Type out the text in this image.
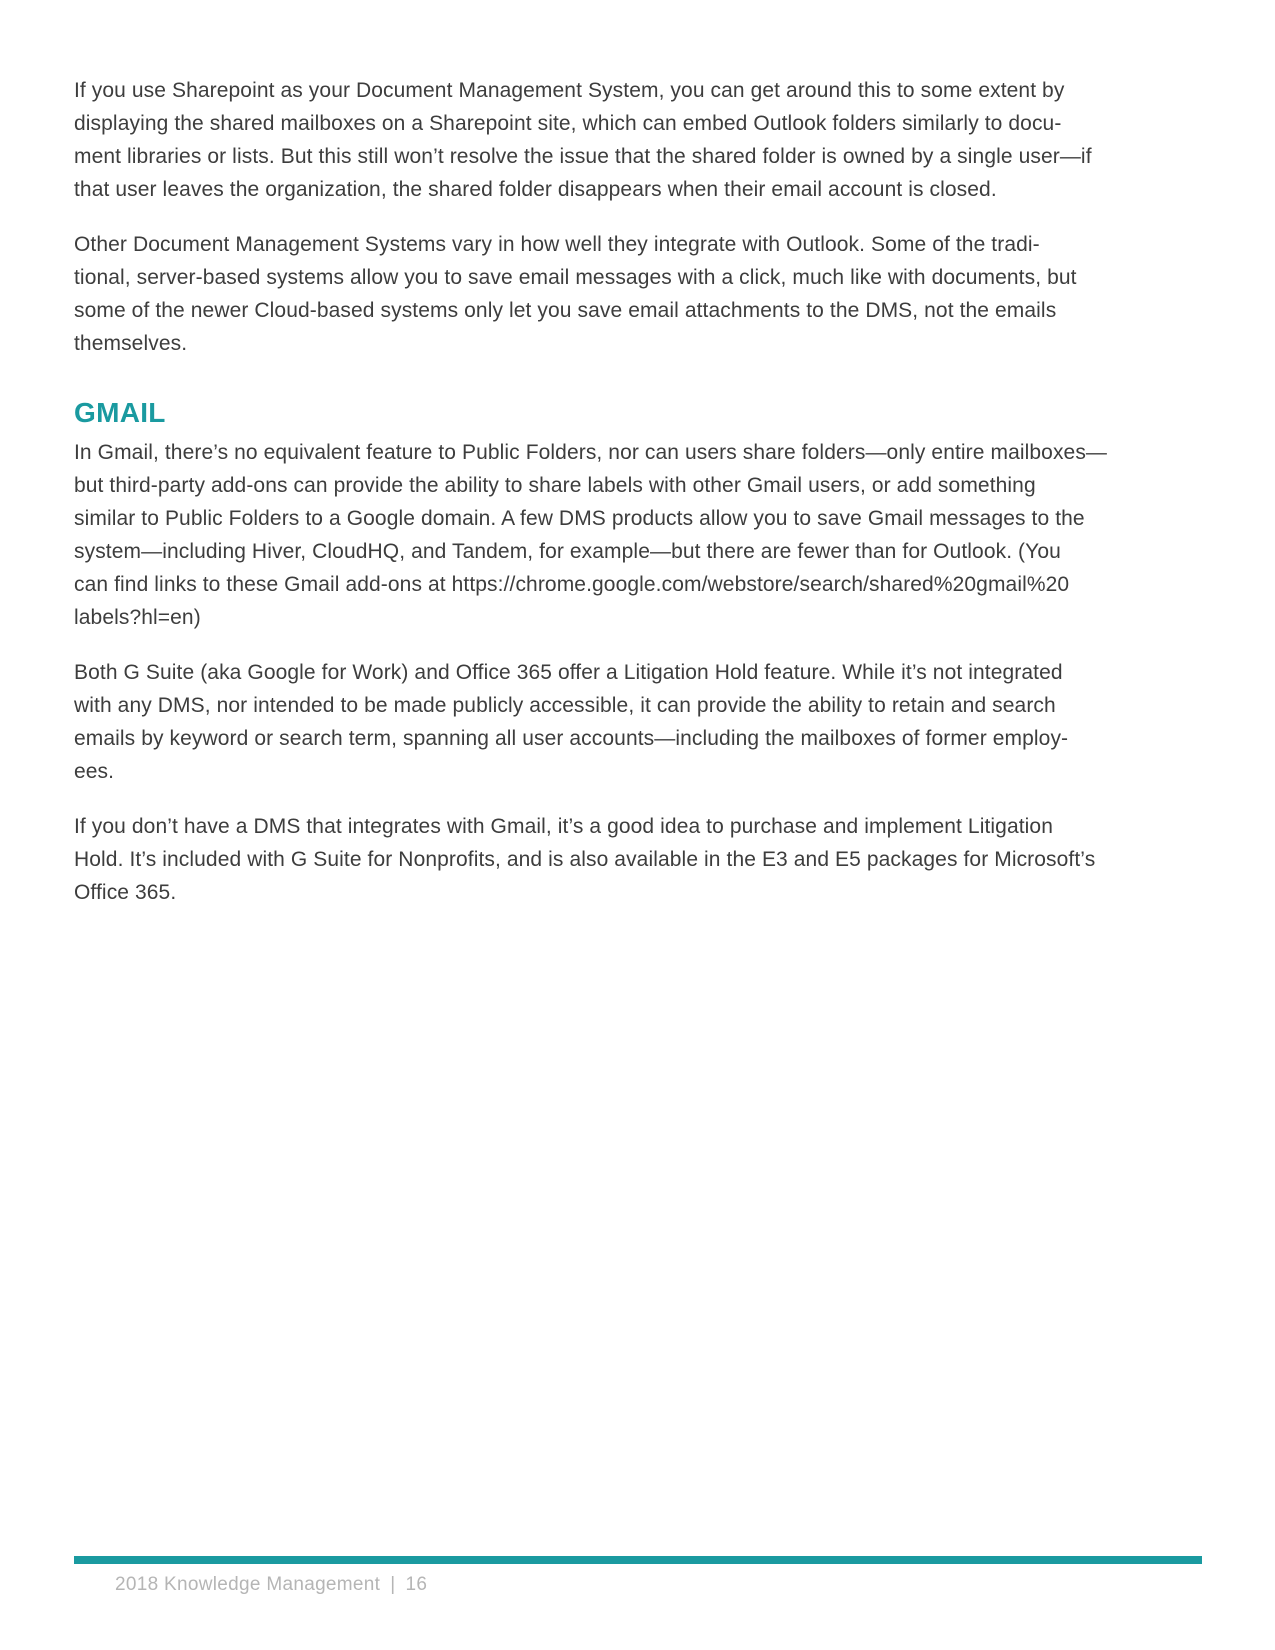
If you use Sharepoint as your Document Management System, you can get around this to some extent by
displaying the shared mailboxes on a Sharepoint site, which can embed Outlook folders similarly to docu-
ment libraries or lists. But this still won’t resolve the issue that the shared folder is owned by a single user—if
that user leaves the organization, the shared folder disappears when their email account is closed.

Other Document Management Systems vary in how well they integrate with Outlook. Some of the tradi-
tional, server-based systems allow you to save email messages with a click, much like with documents, but
some of the newer Cloud-based systems only let you save email attachments to the DMS, not the emails
themselves.

GMAIL

In Gmail, there’s no equivalent feature to Public Folders, nor can users share folders—only entire mailboxes—
but third-party add-ons can provide the ability to share labels with other Gmail users, or add something
similar to Public Folders to a Google domain. A few DMS products allow you to save Gmail messages to the
system—including Hiver, CloudHQ, and Tandem, for example—but there are fewer than for Outlook. (You
can find links to these Gmail add-ons at https://chrome.google.com/webstore/search/shared%20gmail%20
labels?hl=en)

Both G Suite (aka Google for Work) and Office 365 offer a Litigation Hold feature. While it’s not integrated
with any DMS, nor intended to be made publicly accessible, it can provide the ability to retain and search
emails by keyword or search term, spanning all user accounts—including the mailboxes of former employ-
ees.

If you don’t have a DMS that integrates with Gmail, it’s a good idea to purchase and implement Litigation
Hold. It’s included with G Suite for Nonprofits, and is also available in the E3 and E5 packages for Microsoft’s
Office 365.

2018 Knowledge Management | 16
